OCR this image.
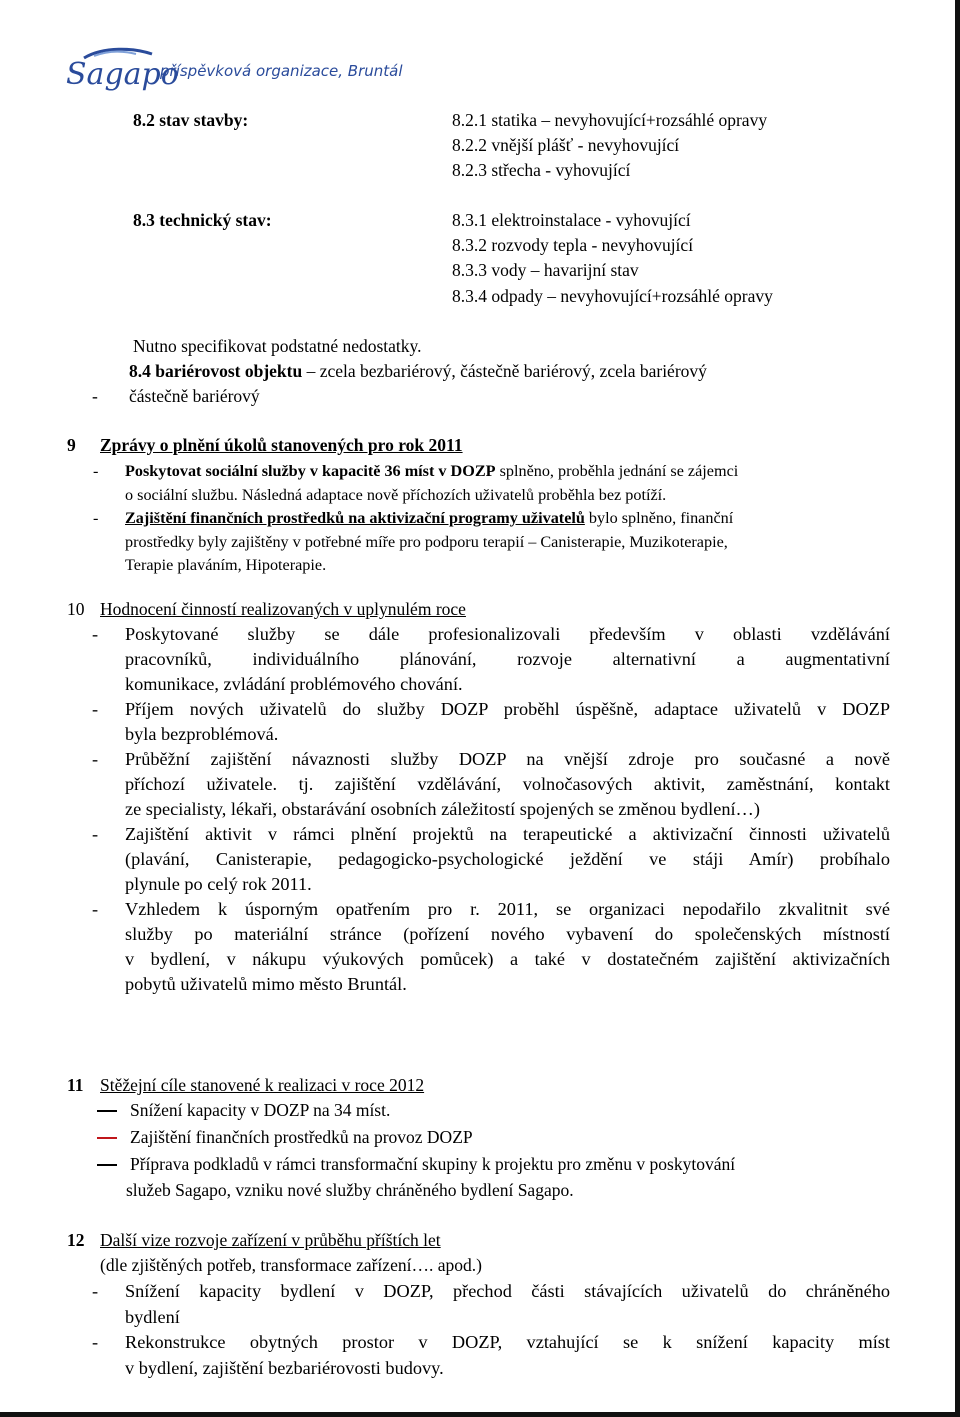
Sagapo
příspěvková organizace, Bruntál
8.2 stav stavby:	8.2.1 statika – nevyhovující+rozsáhlé opravy
8.2.2 vnější plášť - nevyhovující
8.2.3 střecha - vyhovující
8.3 technický stav:	8.3.1 elektroinstalace - vyhovující
8.3.2 rozvody tepla - nevyhovující
8.3.3 vody – havarijní stav
8.3.4 odpady – nevyhovující+rozsáhlé opravy
Nutno specifikovat podstatné nedostatky.
8.4 bariérovost objektu – zcela bezbariérový, částečně bariérový, zcela bariérový
- částečně bariérový
9 Zprávy o plnění úkolů stanovených pro rok 2011
- Poskytovat sociální služby v kapacitě 36 míst v DOZP splněno, proběhla jednání se zájemci
o sociální službu. Následná adaptace nově příchozích uživatelů proběhla bez potíží.
- Zajištění finančních prostředků na aktivizační programy uživatelů bylo splněno, finanční
prostředky byly zajištěny v potřebné míře pro podporu terapií – Canisterapie, Muzikoterapie,
Terapie plaváním, Hipoterapie.
10 Hodnocení činností realizovaných v uplynulém roce
- Poskytované služby se dále profesionalizovali především v oblasti vzdělávání
pracovníků, individuálního plánování, rozvoje alternativní a augmentativní
komunikace, zvládání problémového chování.
- Příjem nových uživatelů do služby DOZP proběhl úspěšně, adaptace uživatelů v DOZP
byla bezproblémová.
- Průběžní zajištění návaznosti služby DOZP na vnější zdroje pro současné a nově
příchozí uživatele. tj. zajištění vzdělávání, volnočasových aktivit, zaměstnání, kontakt
ze specialisty, lékaři, obstarávání osobních záležitostí spojených se změnou bydlení…)
- Zajištění aktivit v rámci plnění projektů na terapeutické a aktivizační činnosti uživatelů
(plavání, Canisterapie, pedagogicko-psychologické ježdění ve stáji Amír) probíhalo
plynule po celý rok 2011.
- Vzhledem k úsporným opatřením pro r. 2011, se organizaci nepodařilo zkvalitnit své
služby po materiální stránce (pořízení nového vybavení do společenských místností
v bydlení, v nákupu výukových pomůcek) a také v dostatečném zajištění aktivizačních
pobytů uživatelů mimo město Bruntál.
11 Stěžejní cíle stanovené k realizaci v roce 2012
Snížení kapacity v DOZP na 34 míst.
Zajištění finančních prostředků na provoz DOZP
Příprava podkladů v rámci transformační skupiny k projektu pro změnu v poskytování
služeb Sagapo, vzniku nové služby chráněného bydlení Sagapo.
12 Další vize rozvoje zařízení v průběhu příštích let
(dle zjištěných potřeb, transformace zařízení…. apod.)
- Snížení kapacity bydlení v DOZP, přechod části stávajících uživatelů do chráněného
bydlení
- Rekonstrukce obytných prostor v DOZP, vztahující se k snížení kapacity míst
v bydlení, zajištění bezbariérovosti budovy.
